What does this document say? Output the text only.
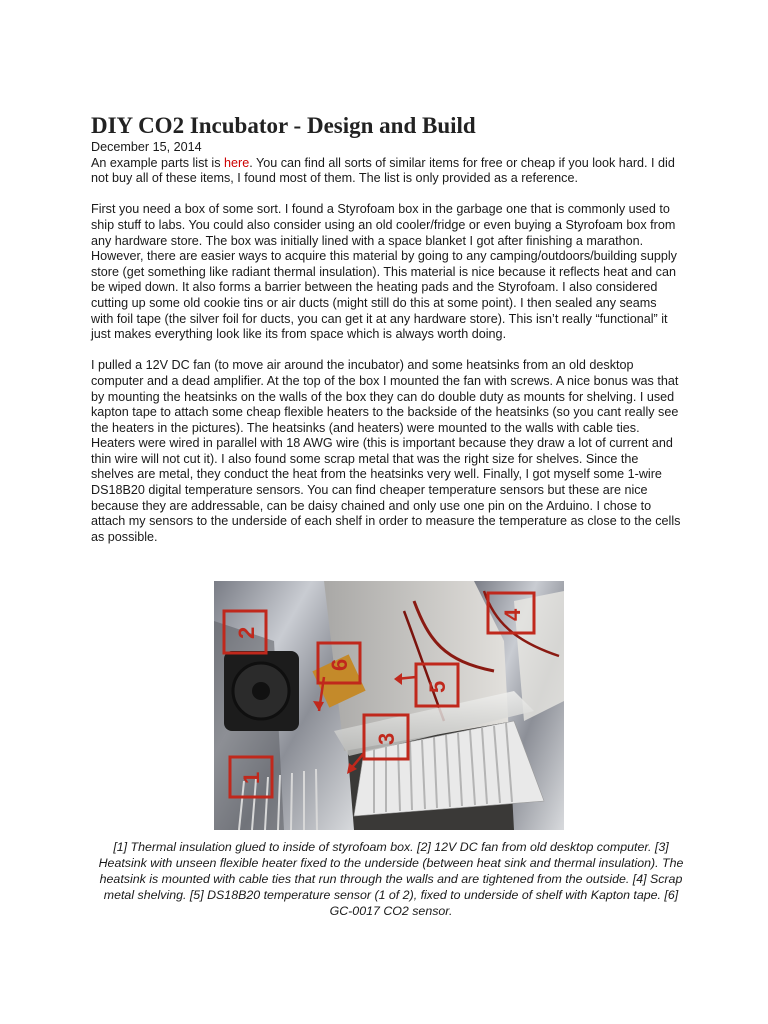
DIY CO2 Incubator - Design and Build

December 15, 2014

An example parts list is here. You can find all sorts of similar items for free or cheap if you look hard. I did not buy all of these items, I found most of them. The list is only provided as a reference.

First you need a box of some sort. I found a Styrofoam box in the garbage one that is commonly used to ship stuff to labs. You could also consider using an old cooler/fridge or even buying a Styrofoam box from any hardware store. The box was initially lined with a space blanket I got after finishing a marathon. However, there are easier ways to acquire this material by going to any camping/outdoors/building supply store (get something like radiant thermal insulation). This material is nice because it reflects heat and can be wiped down. It also forms a barrier between the heating pads and the Styrofoam. I also considered cutting up some old cookie tins or air ducts (might still do this at some point). I then sealed any seams with foil tape (the silver foil for ducts, you can get it at any hardware store). This isn’t really “functional” it just makes everything look like its from space which is always worth doing.

I pulled a 12V DC fan (to move air around the incubator) and some heatsinks from an old desktop computer and a dead amplifier. At the top of the box I mounted the fan with screws. A nice bonus was that by mounting the heatsinks on the walls of the box they can do double duty as mounts for shelving. I used kapton tape to attach some cheap flexible heaters to the backside of the heatsinks (so you cant really see the heaters in the pictures). The heatsinks (and heaters) were mounted to the walls with cable ties. Heaters were wired in parallel with 18 AWG wire (this is important because they draw a lot of current and thin wire will not cut it). I also found some scrap metal that was the right size for shelves. Since the shelves are metal, they conduct the heat from the heatsinks very well. Finally, I got myself some 1-wire DS18B20 digital temperature sensors. You can find cheaper temperature sensors but these are nice because they are addressable, can be daisy chained and only use one pin on the Arduino. I chose to attach my sensors to the underside of each shelf in order to measure the temperature as close to the cells as possible.

2
4
6
5
3
1
[1] Thermal insulation glued to inside of styrofoam box. [2] 12V DC fan from old desktop computer. [3] Heatsink with unseen flexible heater fixed to the underside (between heat sink and thermal insulation). The heatsink is mounted with cable ties that run through the walls and are tightened from the outside. [4] Scrap metal shelving. [5] DS18B20 temperature sensor (1 of 2), fixed to underside of shelf with Kapton tape. [6] GC-0017 CO2 sensor.
